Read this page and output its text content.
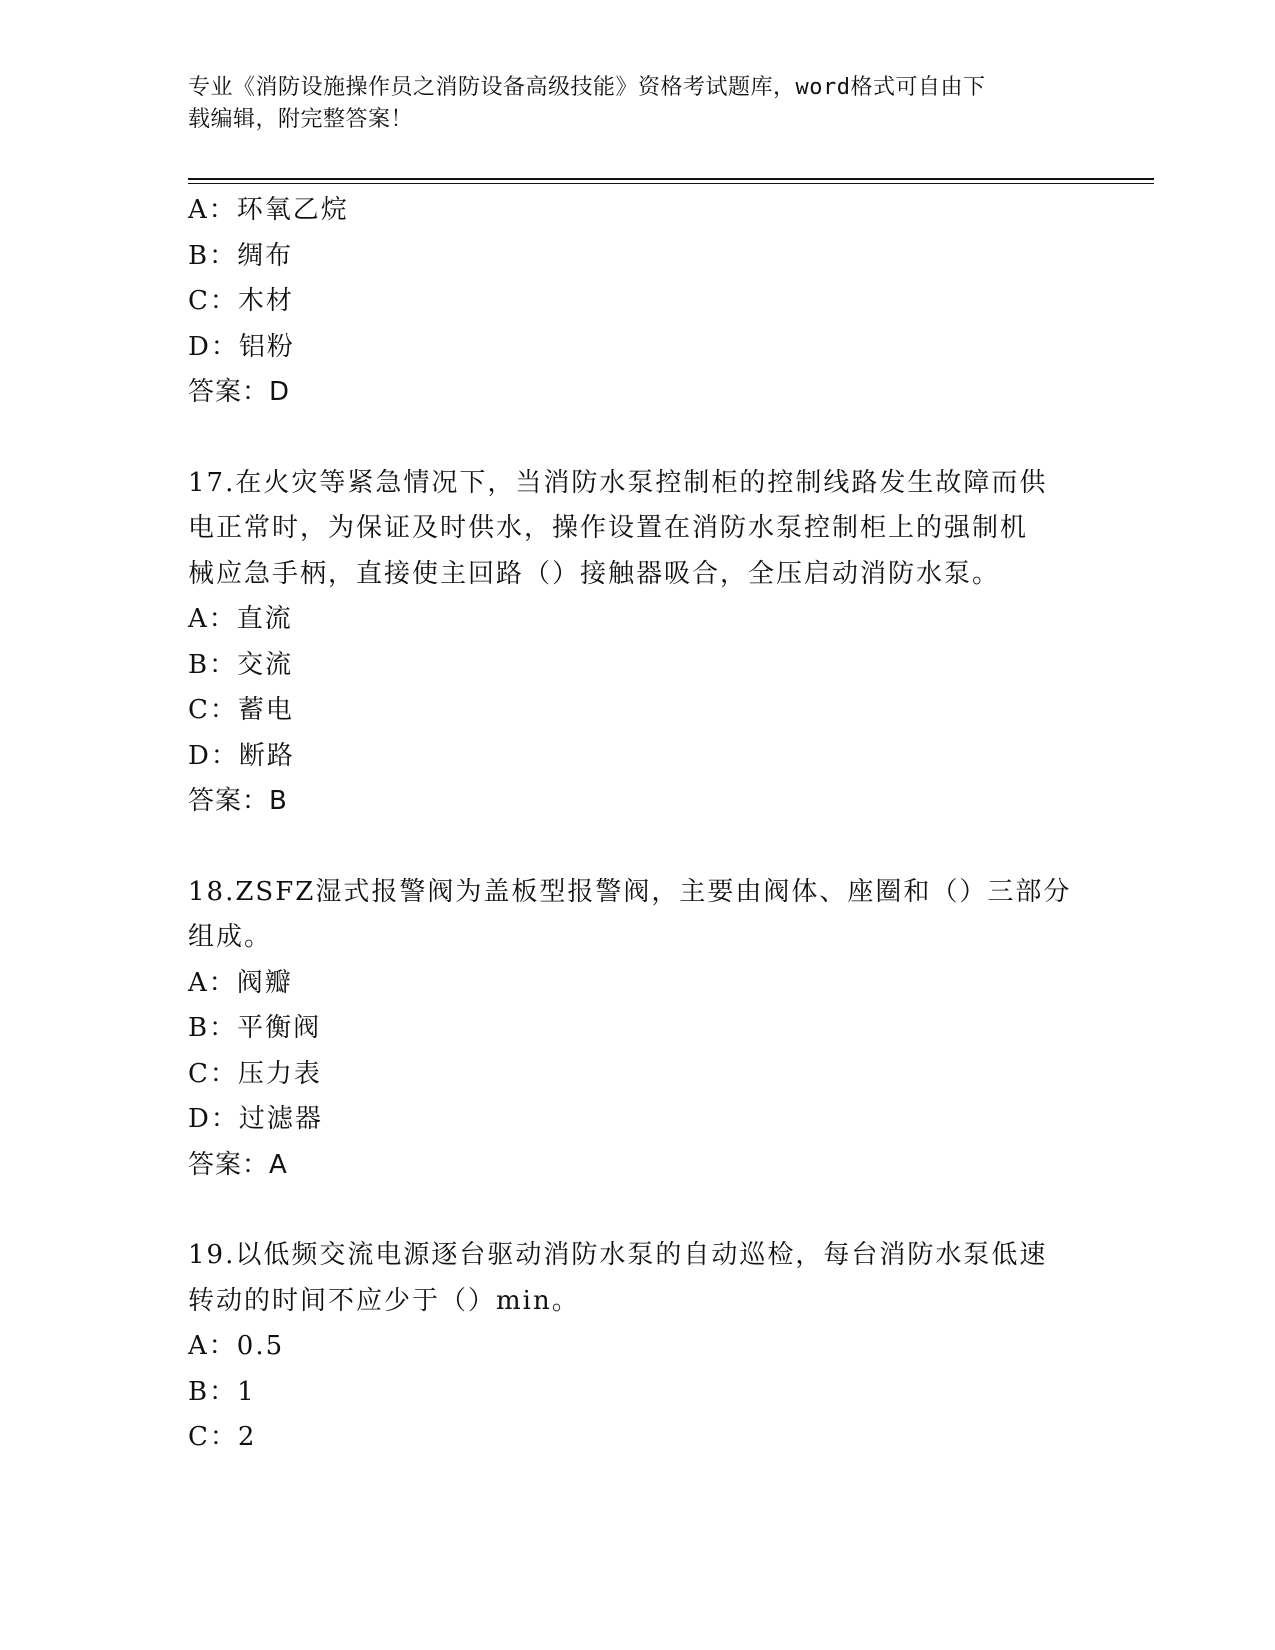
专业《消防设施操作员之消防设备高级技能》资格考试题库，word格式可自由下
载编辑，附完整答案！
A：环氧乙烷
B：绸布
C：木材
D：铝粉
答案：D
17.在火灾等紧急情况下，当消防水泵控制柜的控制线路发生故障而供
电正常时，为保证及时供水，操作设置在消防水泵控制柜上的强制机
械应急手柄，直接使主回路（）接触器吸合，全压启动消防水泵。
A：直流
B：交流
C：蓄电
D：断路
答案：B
18.ZSFZ湿式报警阀为盖板型报警阀，主要由阀体、座圈和（）三部分
组成。
A：阀瓣
B：平衡阀
C：压力表
D：过滤器
答案：A
19.以低频交流电源逐台驱动消防水泵的自动巡检，每台消防水泵低速
转动的时间不应少于（）min。
A：0.5
B：1
C：2
